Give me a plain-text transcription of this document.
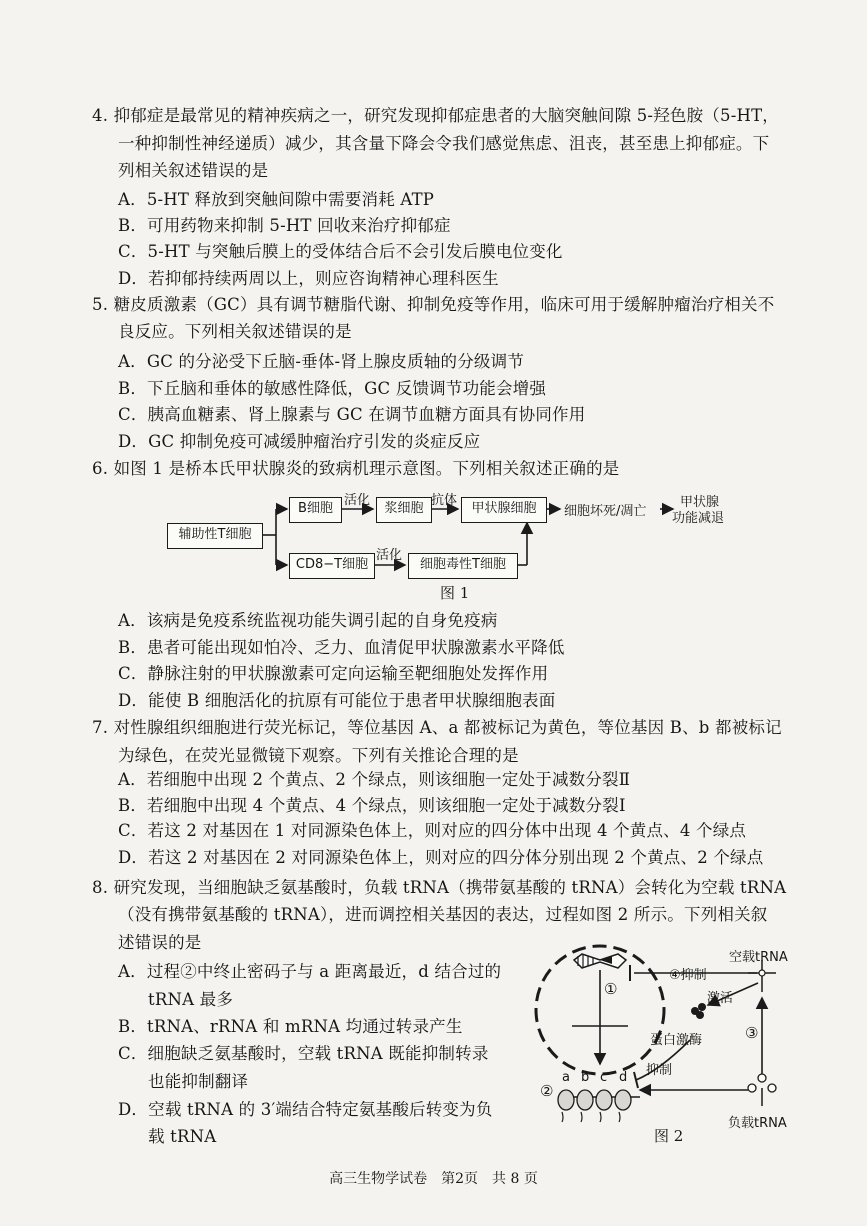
4. 抑郁症是最常见的精神疾病之一，研究发现抑郁症患者的大脑突触间隙 5-羟色胺（5-HT，
一种抑制性神经递质）减少，其含量下降会令我们感觉焦虑、沮丧，甚至患上抑郁症。下
列相关叙述错误的是
A．5-HT 释放到突触间隙中需要消耗 ATP
B．可用药物来抑制 5-HT 回收来治疗抑郁症
C．5-HT 与突触后膜上的受体结合后不会引发后膜电位变化
D．若抑郁持续两周以上，则应咨询精神心理科医生
5. 糖皮质激素（GC）具有调节糖脂代谢、抑制免疫等作用，临床可用于缓解肿瘤治疗相关不
良反应。下列相关叙述错误的是
A．GC 的分泌受下丘脑-垂体-肾上腺皮质轴的分级调节
B．下丘脑和垂体的敏感性降低，GC 反馈调节功能会增强
C．胰高血糖素、肾上腺素与 GC 在调节血糖方面具有协同作用
D．GC 抑制免疫可减缓肿瘤治疗引发的炎症反应
6. 如图 1 是桥本氏甲状腺炎的致病机理示意图。下列相关叙述正确的是
辅助性T细胞
B细胞	浆细胞	甲状腺细胞
CD8−T细胞	细胞毒性T细胞
活化	抗体
细胞坏死/凋亡
甲状腺
功能减退
活化
图 1
A．该病是免疫系统监视功能失调引起的自身免疫病
B．患者可能出现如怕冷、乏力、血清促甲状腺激素水平降低
C．静脉注射的甲状腺激素可定向运输至靶细胞处发挥作用
D．能使 B 细胞活化的抗原有可能位于患者甲状腺细胞表面
7. 对性腺组织细胞进行荧光标记，等位基因 A、a 都被标记为黄色，等位基因 B、b 都被标记
为绿色，在荧光显微镜下观察。下列有关推论合理的是
A．若细胞中出现 2 个黄点、2 个绿点，则该细胞一定处于减数分裂Ⅱ
B．若细胞中出现 4 个黄点、4 个绿点，则该细胞一定处于减数分裂Ⅰ
C．若这 2 对基因在 1 对同源染色体上，则对应的四分体中出现 4 个黄点、4 个绿点
D．若这 2 对基因在 2 对同源染色体上，则对应的四分体分别出现 2 个黄点、2 个绿点
8. 研究发现，当细胞缺乏氨基酸时，负载 tRNA（携带氨基酸的 tRNA）会转化为空载 tRNA
（没有携带氨基酸的 tRNA），进而调控相关基因的表达，过程如图 2 所示。下列相关叙
述错误的是
A．过程②中终止密码子与 a 距离最近，d 结合过的
tRNA 最多
B．tRNA、rRNA 和 mRNA 均通过转录产生
C．细胞缺乏氨基酸时，空载 tRNA 既能抑制转录
也能抑制翻译
D．空载 tRNA 的 3′端结合特定氨基酸后转变为负
载 tRNA
空载tRNA
④抑制
激活
蛋白激酶
抑制
①
②
③
a b c d
负载tRNA
图 2
高三生物学试卷　第2页　共 8 页
